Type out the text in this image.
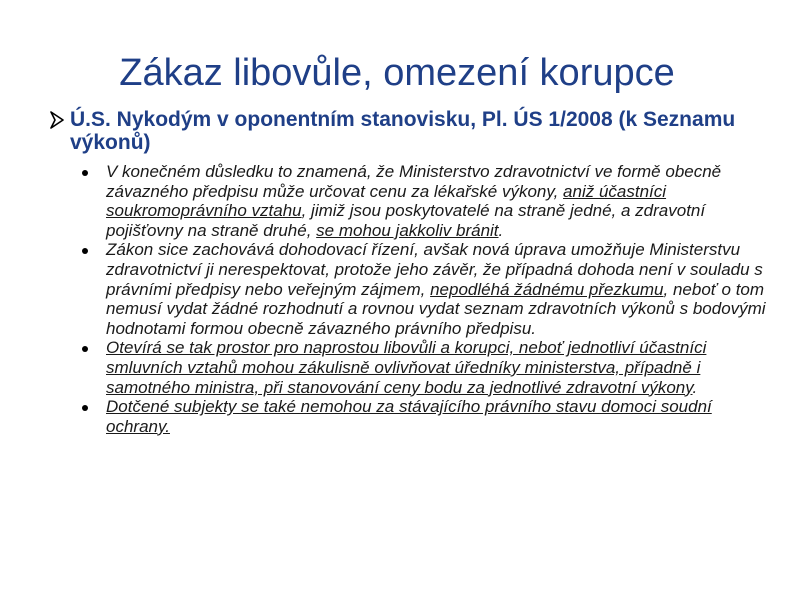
Zákaz libovůle, omezení korupce
Ú.S. Nykodým v oponentním stanovisku, Pl. ÚS 1/2008 (k Seznamu výkonů)
V konečném důsledku to znamená, že Ministerstvo zdravotnictví ve formě obecně závazného předpisu může určovat cenu za lékařské výkony, aniž účastníci soukromoprávního vztahu, jimiž jsou poskytovatelé na straně jedné, a zdravotní pojišťovny na straně druhé, se mohou jakkoliv bránit.
Zákon sice zachovává dohodovací řízení, avšak nová úprava umožňuje Ministerstvu zdravotnictví ji nerespektovat, protože jeho závěr, že případná dohoda není v souladu s právními předpisy nebo veřejným zájmem, nepodléhá žádnému přezkumu, neboť o tom nemusí vydat žádné rozhodnutí a rovnou vydat seznam zdravotních výkonů s bodovými hodnotami formou obecně závazného právního předpisu.
Otevírá se tak prostor pro naprostou libovůli a korupci, neboť jednotliví účastníci smluvních vztahů mohou zákulisně ovlivňovat úředníky ministerstva, případně i samotného ministra, při stanovování ceny bodu za jednotlivé zdravotní výkony.
Dotčené subjekty se také nemohou za stávajícího právního stavu domoci soudní ochrany.
